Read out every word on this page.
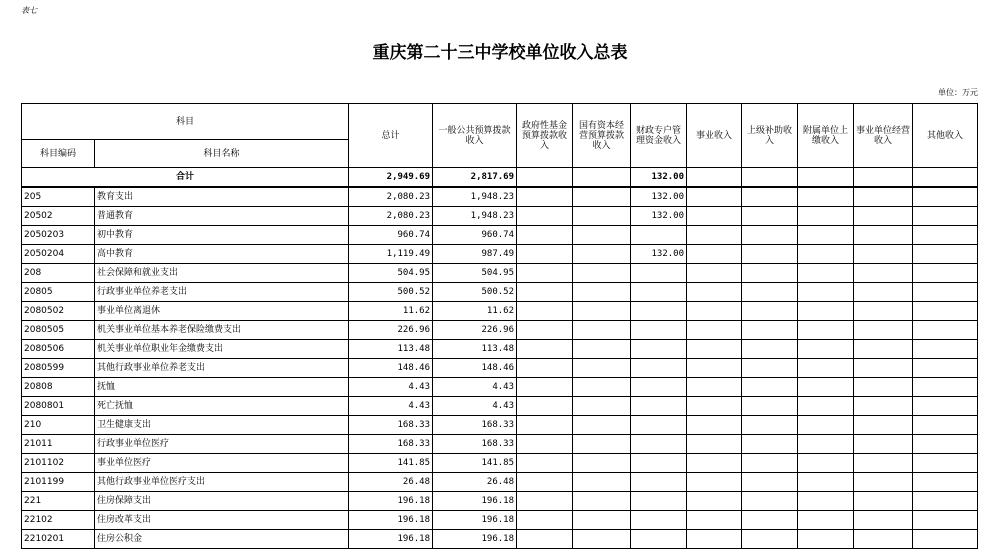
表七
重庆第二十三中学校单位收入总表
单位：万元
科目		总计	一般公共预算拨款收入	政府性基金预算拨款收入	国有资本经营预算拨款收入	财政专户管理资金收入	事业收入	上级补助收入	附属单位上缴收入	事业单位经营收入	其他收入
科目编码	科目名称										
合计		2,949.69	2,817.69			132.00					
205	教育支出	2,080.23	1,948.23			132.00					
20502	普通教育	2,080.23	1,948.23			132.00					
2050203	初中教育	960.74	960.74								
2050204	高中教育	1,119.49	987.49			132.00					
208	社会保障和就业支出	504.95	504.95								
20805	行政事业单位养老支出	500.52	500.52								
2080502	事业单位离退休	11.62	11.62								
2080505	机关事业单位基本养老保险缴费支出	226.96	226.96								
2080506	机关事业单位职业年金缴费支出	113.48	113.48								
2080599	其他行政事业单位养老支出	148.46	148.46								
20808	抚恤	4.43	4.43								
2080801	死亡抚恤	4.43	4.43								
210	卫生健康支出	168.33	168.33								
21011	行政事业单位医疗	168.33	168.33								
2101102	事业单位医疗	141.85	141.85								
2101199	其他行政事业单位医疗支出	26.48	26.48								
221	住房保障支出	196.18	196.18								
22102	住房改革支出	196.18	196.18								
2210201	住房公积金	196.18	196.18								
